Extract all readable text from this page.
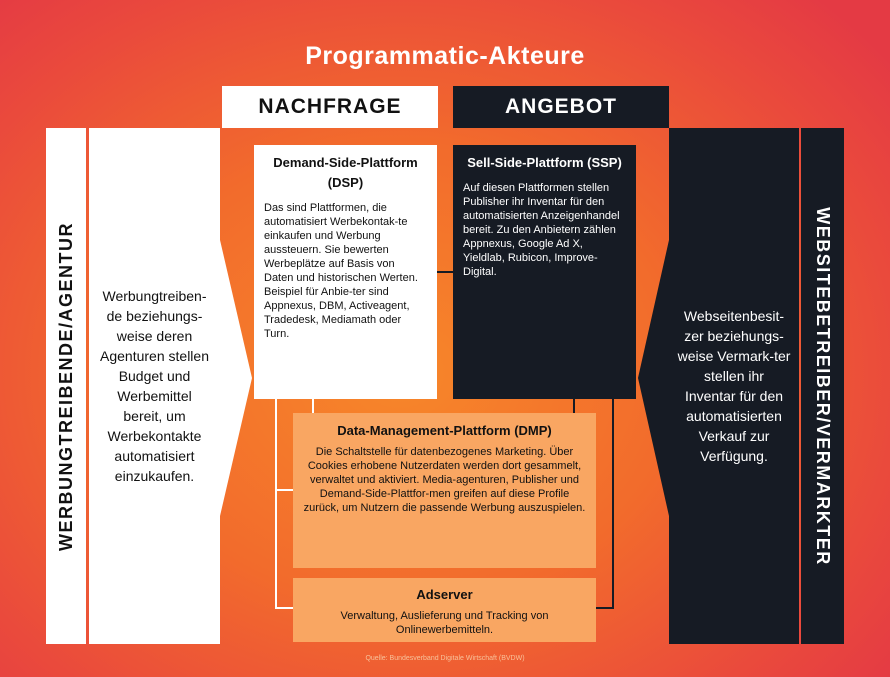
Programmatic-Akteure
NACHFRAGE	ANGEBOT
WERBUNGTREIBENDE/AGENTUR	Werbungtreiben-de beziehungs-weise deren Agenturen stellen Budget und Werbemittel bereit, um Werbekontakte automatisiert einzukaufen.	WEBSITEBETREIBER/VERMARKTER
Webseitenbesit-zer beziehungs-weise Vermark-ter stellen ihr Inventar für den automatisierten Verkauf zur Verfügung.
Demand-Side-Plattform (DSP)
Das sind Plattformen, die automatisiert Werbekontak-te einkaufen und Werbung aussteuern. Sie bewerten Werbeplätze auf Basis von Daten und historischen Werten. Beispiel für Anbie-ter sind Appnexus, DBM, Activeagent, Tradedesk, Mediamath oder Turn.
Sell-Side-Plattform (SSP)
Auf diesen Plattformen stellen Publisher ihr Inventar für den automatisierten Anzeigenhandel bereit. Zu den Anbietern zählen Appnexus, Google Ad X, Yieldlab, Rubicon, Improve-Digital.
Data-Management-Plattform (DMP)
Die Schaltstelle für datenbezogenes Marketing. Über Cookies erhobene Nutzerdaten werden dort gesammelt, verwaltet und aktiviert. Media-agenturen, Publisher und Demand-Side-Plattfor-men greifen auf diese Profile zurück, um Nutzern die passende Werbung auszuspielen.
Adserver
Verwaltung, Auslieferung und Tracking von Onlinewerbemitteln.
Quelle: Bundesverband Digitale Wirtschaft (BVDW)
